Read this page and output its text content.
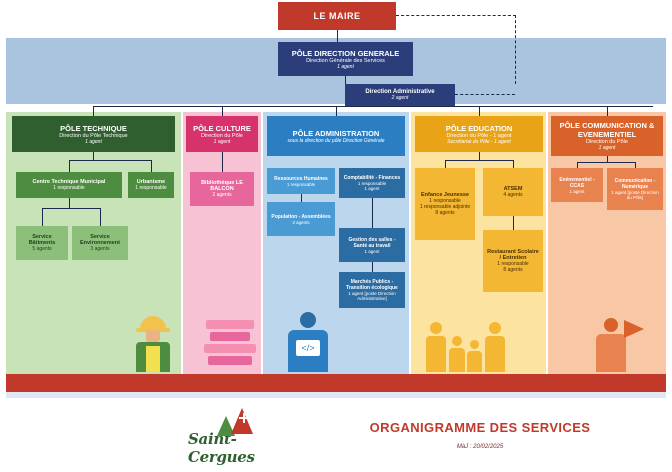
LE MAIRE
PÔLE DIRECTION GENERALE
Direction Générale des Services
1 agent
Direction Administrative
2 agent
PÔLE TECHNIQUE
Direction du Pôle Technique
1 agent
PÔLE CULTURE
Direction du Pôle
1 agent
PÔLE ADMINISTRATION
sous la direction du pôle Direction Générale
PÔLE EDUCATION
Direction du Pôle - 1 agent
Secrétariat du Pôle - 1 agent
PÔLE COMMUNICATION & EVENEMENTIEL
Direction du Pôle
1 agent
Centre Technique Municipal
1 responsable
Urbanisme
1 responsable
Service Bâtiments
5 agents
Service Environnement
3 agents
Bibliothèque LE BALCON
2 agents
Ressources Humaines
1 responsable
Population - Assemblées
3 agents
Comptabilité - Finances
1 responsable
1 agent
Gestion des salles - Santé au travail
1 agent
Marchés Publics - Transition écologique
1 agent [poste Direction Administrative]
Enfance Jeunesse
1 responsable
1 responsable adjointe
8 agents
ATSEM
4 agents
Restaurant Scolaire / Entretien
1 responsable
8 agents
Evénementiel - CCAS
1 agent
Communication - Numérique
1 agent [poste Direction du Pôle]
</>
Saint-Cergues
ORGANIGRAMME DES SERVICES
MàJ : 20/02/2025
